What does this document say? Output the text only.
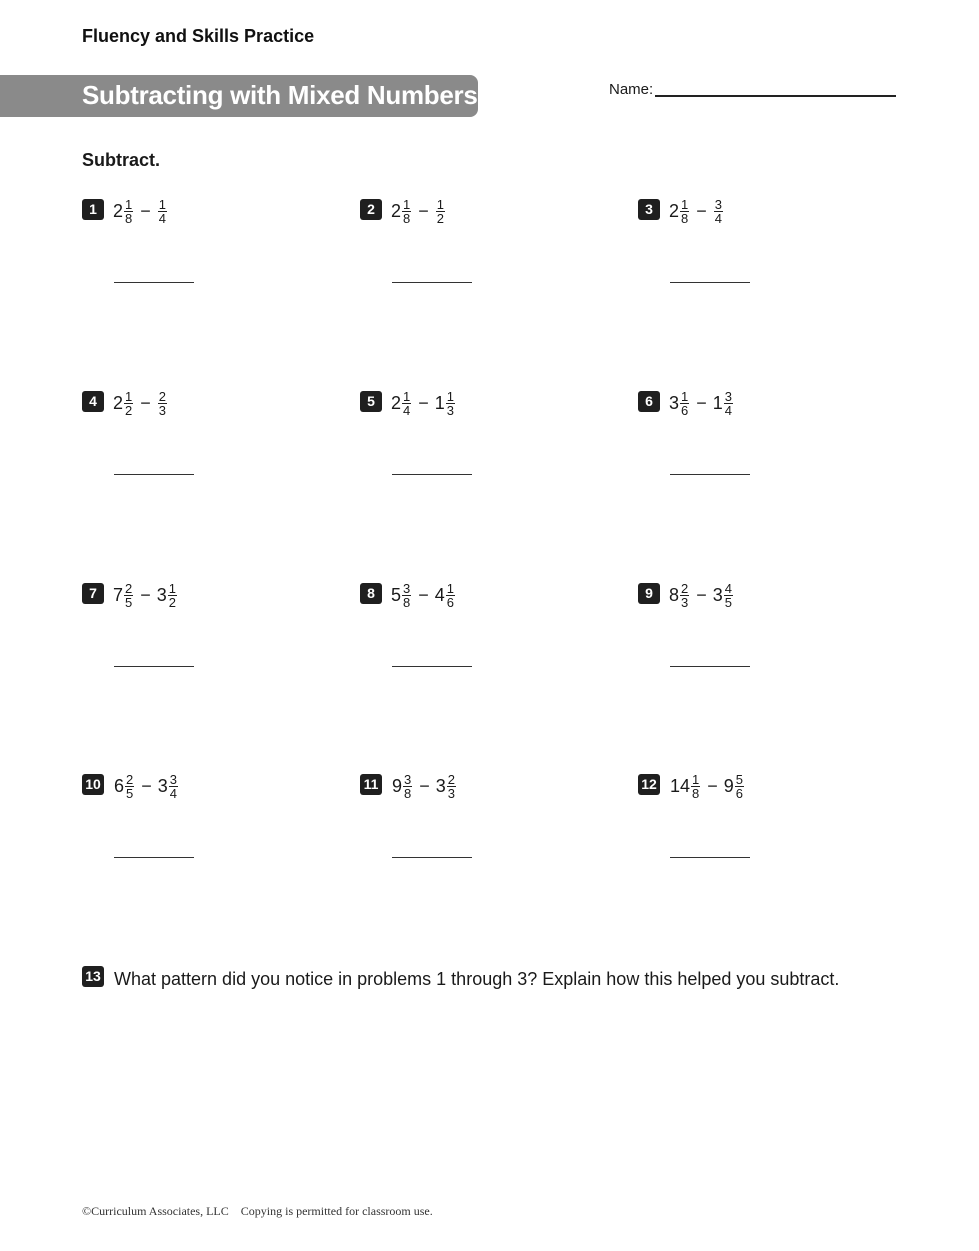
Fluency and Skills Practice
Subtracting with Mixed Numbers	Name:
Subtract.
1 $2 \frac{1}{8} - \frac{1}{4}$	2 $2 \frac{1}{8} - \frac{1}{2}$	3 $2 \frac{1}{8} - \frac{3}{4}$
4 $2 \frac{1}{2} - \frac{2}{3}$	5 $2 \frac{1}{4} - 1 \frac{1}{3}$	6 $3 \frac{1}{6} - 1 \frac{3}{4}$
7 $7 \frac{2}{5} - 3 \frac{1}{2}$	8 $5 \frac{3}{8} - 4 \frac{1}{6}$	9 $8 \frac{2}{3} - 3 \frac{4}{5}$
10 $6 \frac{2}{5} - 3 \frac{3}{4}$	11 $9 \frac{3}{8} - 3 \frac{2}{3}$	12 $14 \frac{1}{8} - 9 \frac{5}{6}$
13 What pattern did you notice in problems 1 through 3? Explain how this helped you subtract.
©Curriculum Associates, LLC    Copying is permitted for classroom use.
